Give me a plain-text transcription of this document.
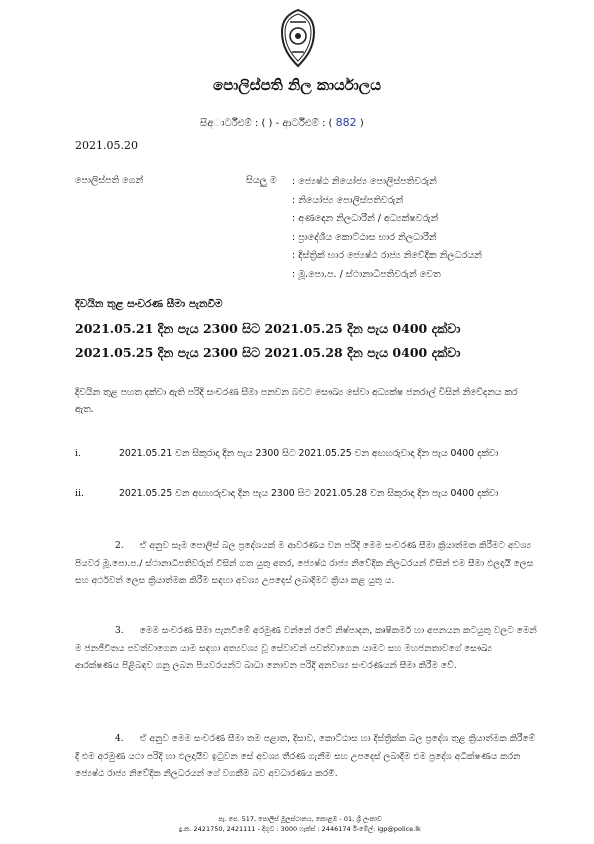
පොලිස්පති නිල කාර්යාලය
සීඅාර්ටීඑම් : ( ) - ආර්ටීඑම් : ( 882 )
2021.05.20
පොලිස්පති ගෙන්	සියලු ම : ජ්‍යෙෂ්ඨ නියෝජ්‍ය පොලිස්පතිවරුන්
: නියෝජ්‍ය පොලිස්පතිවරුන්
: අණදෙන නිලධාරීන් / අධ්‍යක්ෂවරුන්
: ප්‍රාදේශීය කොට්ඨාස භාර නිලධාරීන්
: දිස්ත්‍රික් භාර ජ්‍යෙෂ්ඨ රාජ්‍ය නිවේදික නිලධරයන්
: මූ.පො.ප. / ස්ථානාධිපතිවරුන් වෙත
දිවයින තුළ සංචරණ සීමා පැනවීම
2021.05.21 දින පැය 2300 සිට 2021.05.25 දින පැය 0400 දක්වා
2021.05.25 දින පැය 2300 සිට 2021.05.28 දින පැය 0400 දක්වා
දිවයින තුළ පහත දක්වා ඇති පරිදි සංචරණ සීමා පනවන බවට සෞඛ්‍ය සේවා අධ්‍යක්ෂ ජනරාල් විසින් නිවේදනය කර ඇත.
i.	2021.05.21 වන සිකුරාදා දින පැය 2300 සිට 2021.05.25 වන අඟහරුවාදා දින පැය 0400 දක්වා
ii.	2021.05.25 වන අඟහරුවාදා දින පැය 2300 සිට 2021.05.28 වන සිකුරාදා දින පැය 0400 දක්වා
2. ඒ අනුව සෑම පොලිස් බල ප්‍රදේශයක් ම ආවරණය වන පරිදි මෙම සංචරණ සීමා ක්‍රියාත්මක කිරීමට අවශ්‍ය පියවර මූ.පො.ප./ ස්ථානාධිපතිවරුන් විසින් ගත යුතු අතර, ජ්‍යෙෂ්ඨ රාජ්‍ය නිවේදික නිලධරයන් විසින් එම සීමා ඵලදායී ලෙස සහ අර්ථවත් ලෙස ක්‍රියාත්මක කිරීම සඳහා අවශ්‍ය උපදෙස් ලබාදීමට ක්‍රියා කළ යුතු ය.
3. මෙම සංචරණ සීමා පැනවීමේ අරමුණ වන්නේ රටේ නිෂ්පාදන, කෘෂිකර්ම හා අපනයන කටයුතු වලට මෙන් ම ජනජීවිතය පවත්වාගෙන යාම සඳහා අත්‍යවශ්‍ය වූ සේවාවන් පවත්වාගෙන යාමට සහ මහජනතාවගේ සෞඛ්‍ය ආරක්ෂණය පිළිබඳව ගනු ලබන පියවරයන්ට බාධා නොවන පරිදි අනවශ්‍ය සංචරණයන් සීමා කිරීම වේ.
4. ඒ අනුව මෙම සංචරණ සීමා තම පළාත, දිසාව, කොට්ඨාස හා දිස්ත්‍රික්ක බල ප්‍රදේශ තුළ ක්‍රියාත්මක කිරීමේ දී එම අරමුණ යථා පරිදි හා ඵලදායීව ඉටුවන සේ අවශ්‍ය තීරණ ගැනීම සහ උපදෙස් ලබාදීම එම ප්‍රදේශ අධීක්ෂණය කරන ජ්‍යෙෂ්ඨ රාජ්‍ය නිවේදික නිලධරයන් ගේ වගකීම බව අවධාරණය කරමි.
පැ. පෙ. 517, පොලිස් මූලස්ථානය, කොළඹ - 01, ශ්‍රී ලංකාව
දු.ක. 2421750, 2421111 - දිගුව : 3000 ෆැක්ස් : 2446174 ඊ-මේල්: igp@police.lk
